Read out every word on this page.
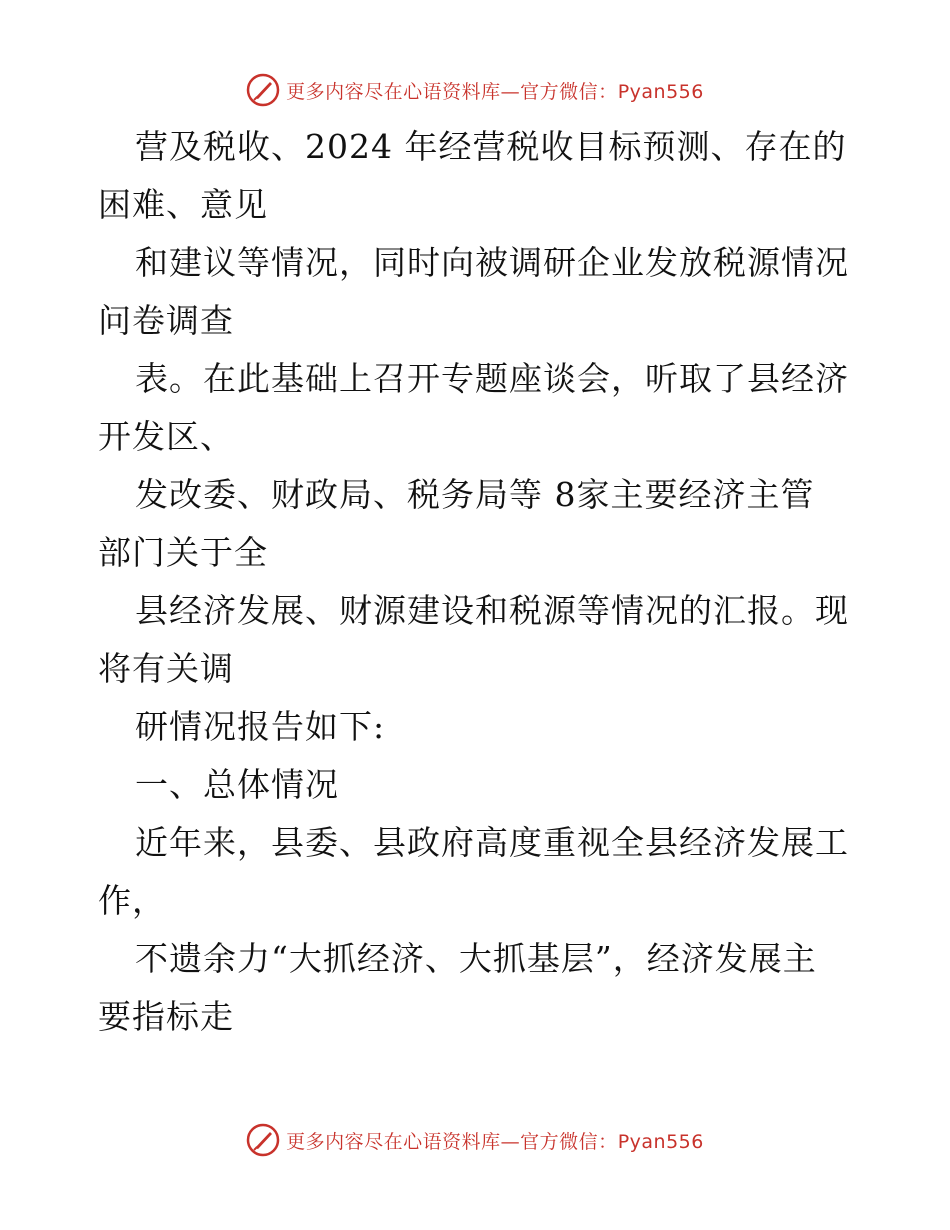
更多内容尽在心语资料库—官方微信：Pyan556
营及税收、2024 年经营税收目标预测、存在的
困难、意见
和建议等情况，同时向被调研企业发放税源情况
问卷调查
表。在此基础上召开专题座谈会，听取了县经济
开发区、
发改委、财政局、税务局等 8家主要经济主管
部门关于全
县经济发展、财源建设和税源等情况的汇报。现
将有关调
研情况报告如下:
一、总体情况
近年来，县委、县政府高度重视全县经济发展工
作，
不遗余力“大抓经济、大抓基层”，经济发展主
要指标走
更多内容尽在心语资料库—官方微信：Pyan556
